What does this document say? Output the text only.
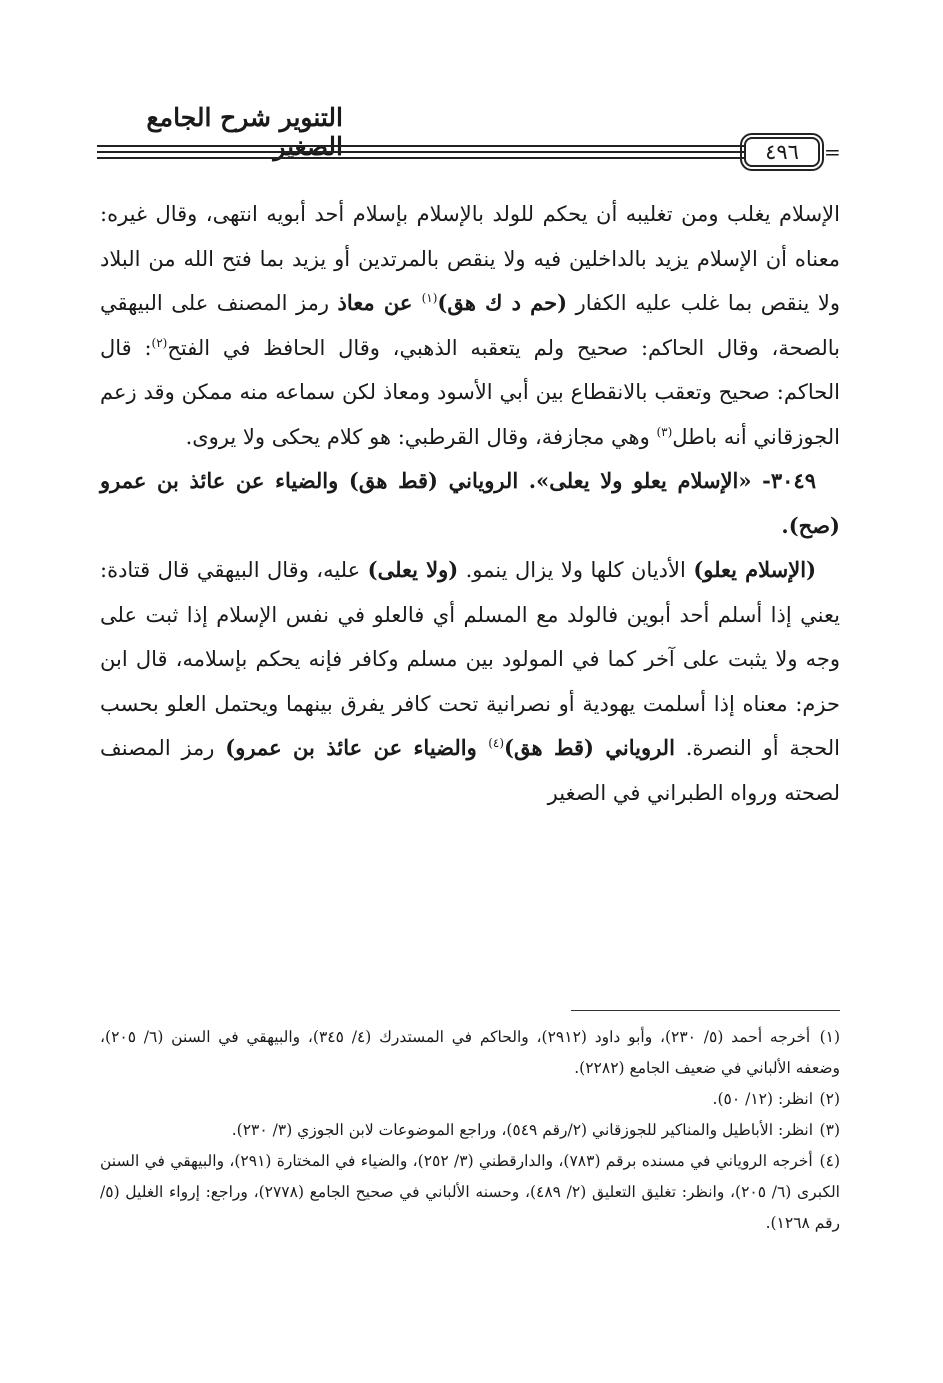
التنوير شرح الجامع
٤٩٦	=

الإسلام يغلب ومن تغليبه أن يحكم للولد بالإسلام بإسلام أحد أبويه انتهى، وقال غيره: معناه أن الإسلام يزيد بالداخلين فيه ولا ينقص بالمرتدين أو يزيد بما فتح الله من البلاد ولا ينقص بما غلب عليه الكفار (حم د ك هق)$^{(١)}$ عن معاذ رمز المصنف على البيهقي بالصحة، وقال الحاكم: صحيح ولم يتعقبه الذهبي، وقال الحافظ في الفتح$^{(٢)}$: قال الحاكم: صحيح وتعقب بالانقطاع بين أبي الأسود ومعاذ لكن سماعه منه ممكن وقد زعم الجوزقاني أنه باطل$^{(٣)}$ وهي مجازفة، وقال القرطبي: هو كلام يحكى ولا يروى.

٣٠٤٩- «الإسلام يعلو ولا يعلى». الروياني (قط هق) والضياء عن عائذ بن عمرو (صح).

(الإسلام يعلو) الأديان كلها ولا يزال ينمو. (ولا يعلى) عليه، وقال البيهقي قال قتادة: يعني إذا أسلم أحد أبوين فالولد مع المسلم أي فالعلو في نفس الإسلام إذا ثبت على وجه ولا يثبت على آخر كما في المولود بين مسلم وكافر فإنه يحكم بإسلامه، قال ابن حزم: معناه إذا أسلمت يهودية أو نصرانية تحت كافر يفرق بينهما ويحتمل العلو بحسب الحجة أو النصرة. الروياني (قط هق)$^{(٤)}$ والضياء عن عائذ بن عمرو) رمز المصنف لصحته ورواه الطبراني في الصغير

(١) أخرجه أحمد (٥/ ٢٣٠)، وأبو داود (٢٩١٢)، والحاكم في المستدرك (٤/ ٣٤٥)، والبيهقي في السنن (٦/ ٢٠٥)، وضعفه الألباني في ضعيف الجامع (٢٢٨٢).

(٢) انظر: (١٢/ ٥٠).

(٣) انظر: الأباطيل والمناكير للجوزقاني (٢/رقم ٥٤٩)، وراجع الموضوعات لابن الجوزي (٣/ ٢٣٠).

(٤) أخرجه الروياني في مسنده برقم (٧٨٣)، والدارقطني (٣/ ٢٥٢)، والضياء في المختارة (٢٩١)، والبيهقي في السنن الكبرى (٦/ ٢٠٥)، وانظر: تغليق التعليق (٢/ ٤٨٩)، وحسنه الألباني في صحيح الجامع (٢٧٧٨)، وراجع: إرواء الغليل (٥/ رقم ١٢٦٨).
